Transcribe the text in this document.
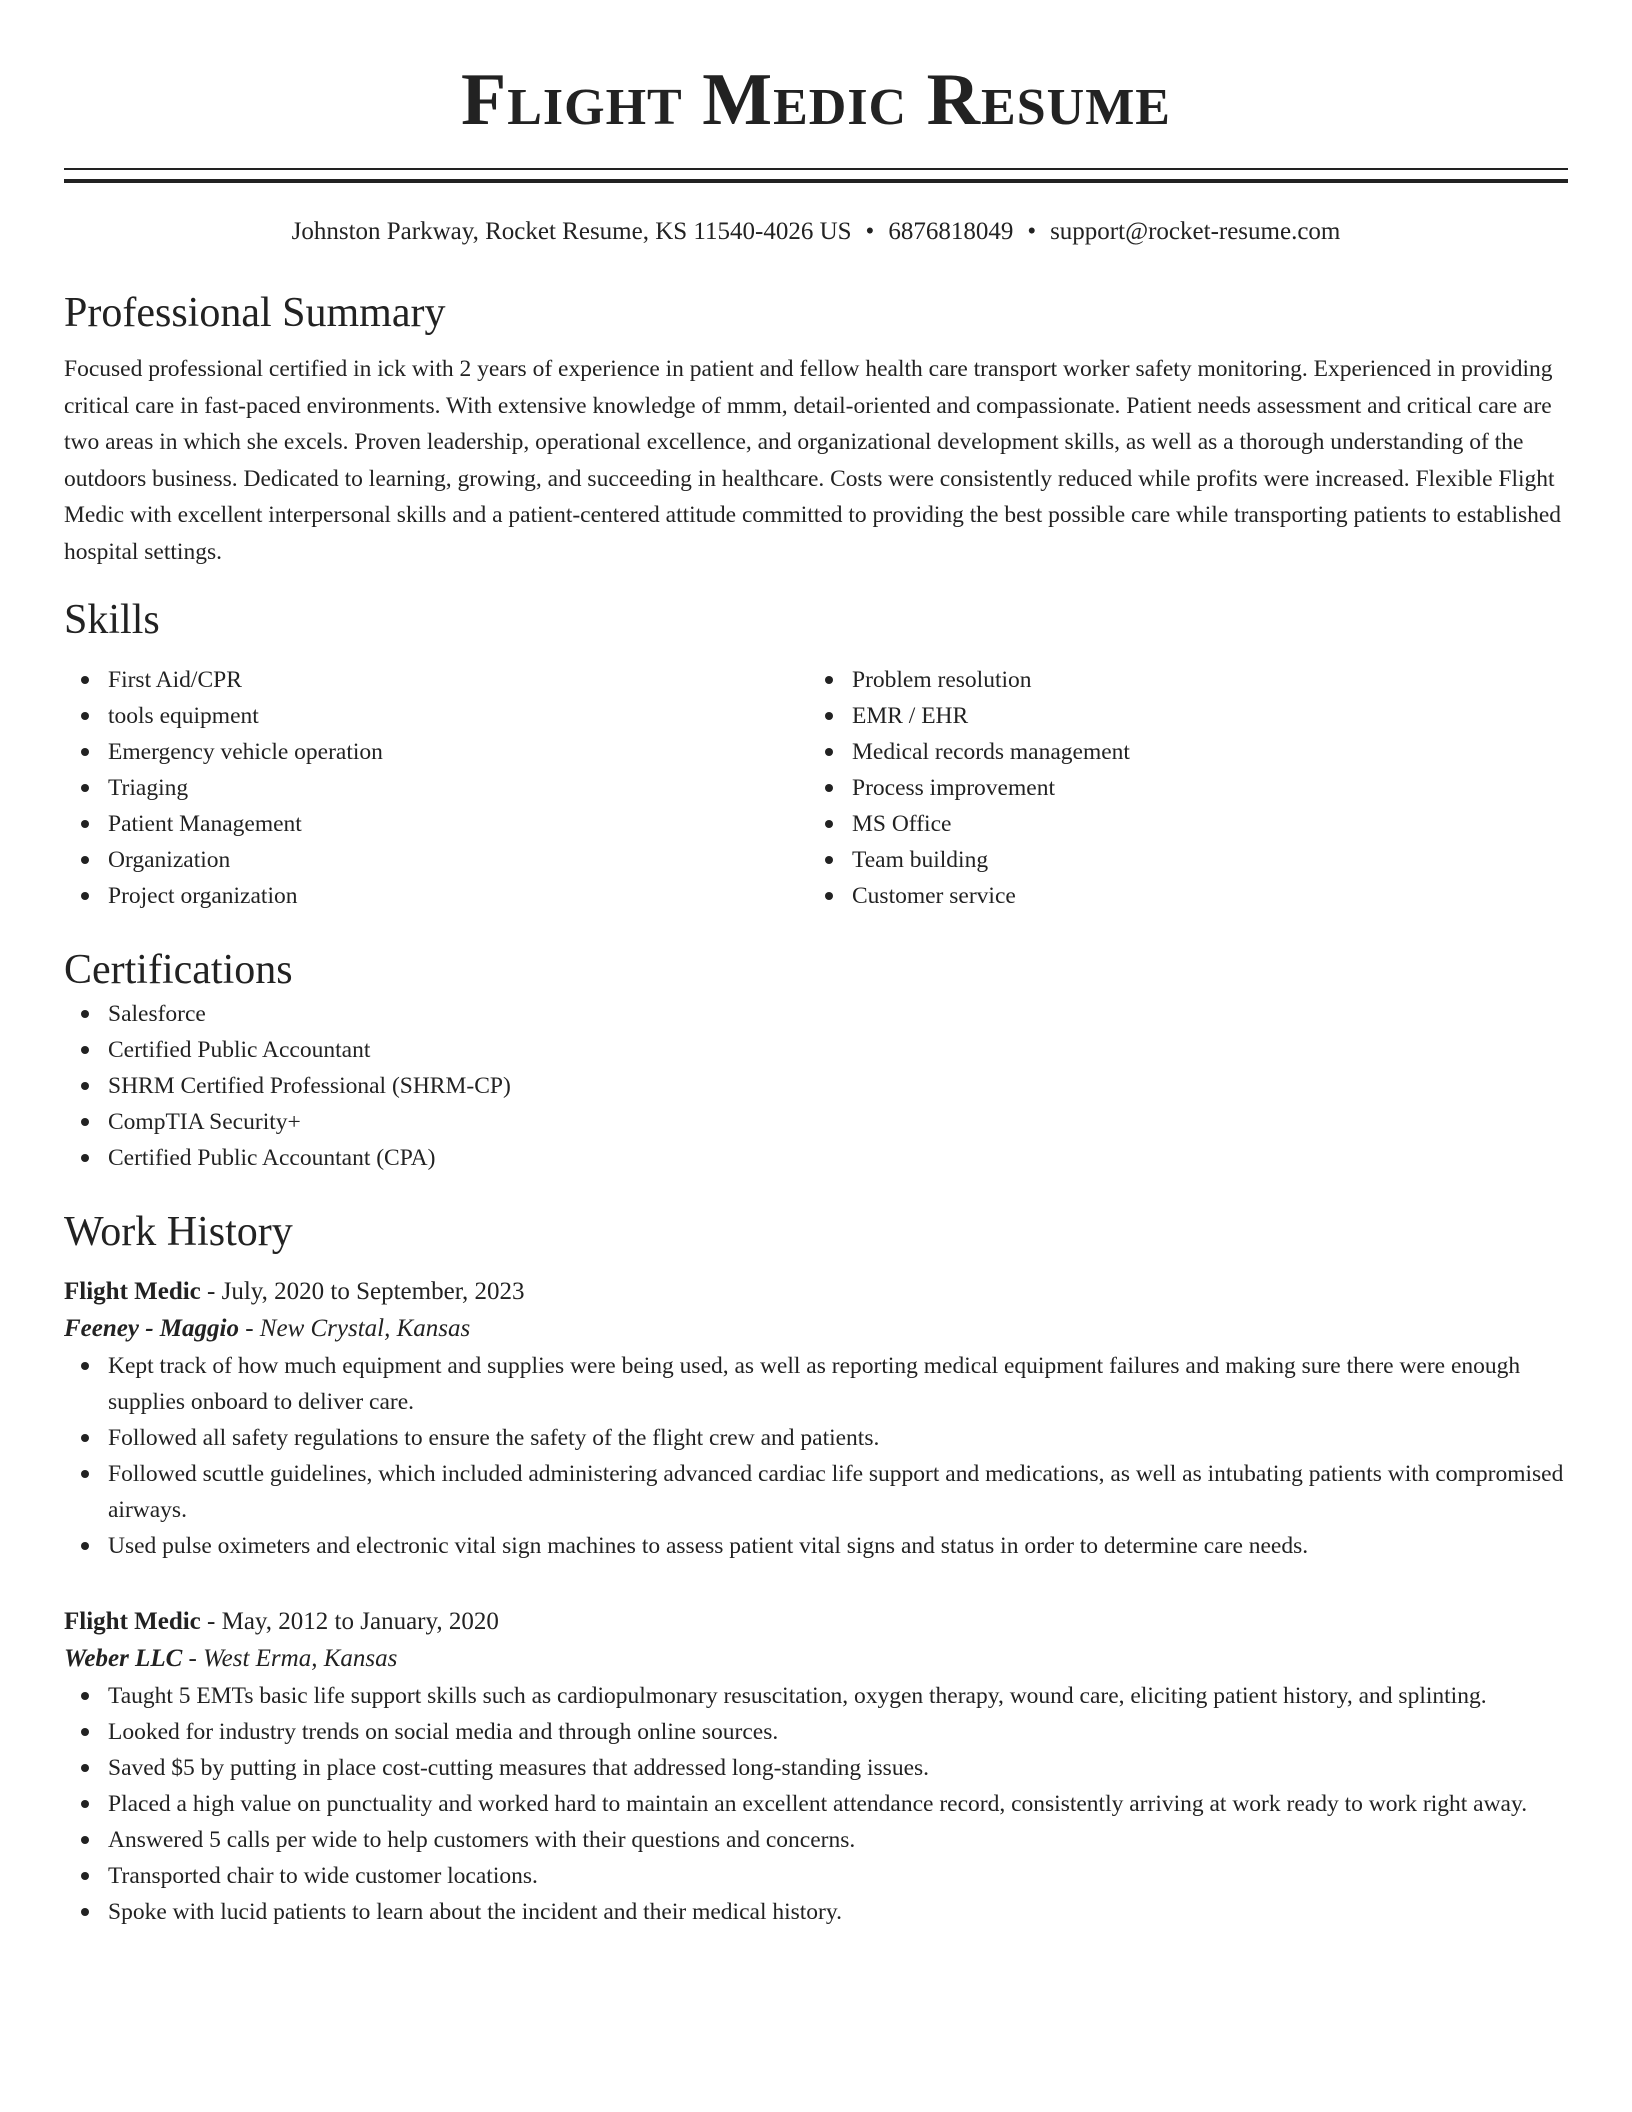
Flight Medic Resume
Johnston Parkway, Rocket Resume, KS 11540-4026 US • 6876818049 • support@rocket-resume.com
Professional Summary

Focused professional certified in ick with 2 years of experience in patient and fellow health care transport worker safety monitoring. Experienced in providing critical care in fast-paced environments. With extensive knowledge of mmm, detail-oriented and compassionate. Patient needs assessment and critical care are two areas in which she excels. Proven leadership, operational excellence, and organizational development skills, as well as a thorough understanding of the outdoors business. Dedicated to learning, growing, and succeeding in healthcare. Costs were consistently reduced while profits were increased. Flexible Flight Medic with excellent interpersonal skills and a patient-centered attitude committed to providing the best possible care while transporting patients to established hospital settings.

Skills
First Aid/CPR
tools equipment
Emergency vehicle operation
Triaging
Patient Management
Organization
Project organization
Problem resolution
EMR / EHR
Medical records management
Process improvement
MS Office
Team building
Customer service
Certifications
Salesforce
Certified Public Accountant
SHRM Certified Professional (SHRM-CP)
CompTIA Security+
Certified Public Accountant (CPA)
Work History
Flight Medic - July, 2020 to September, 2023
Feeney - Maggio - New Crystal, Kansas
Kept track of how much equipment and supplies were being used, as well as reporting medical equipment failures and making sure there were enough supplies onboard to deliver care.
Followed all safety regulations to ensure the safety of the flight crew and patients.
Followed scuttle guidelines, which included administering advanced cardiac life support and medications, as well as intubating patients with compromised airways.
Used pulse oximeters and electronic vital sign machines to assess patient vital signs and status in order to determine care needs.
Flight Medic - May, 2012 to January, 2020
Weber LLC - West Erma, Kansas
Taught 5 EMTs basic life support skills such as cardiopulmonary resuscitation, oxygen therapy, wound care, eliciting patient history, and splinting.
Looked for industry trends on social media and through online sources.
Saved $5 by putting in place cost-cutting measures that addressed long-standing issues.
Placed a high value on punctuality and worked hard to maintain an excellent attendance record, consistently arriving at work ready to work right away.
Answered 5 calls per wide to help customers with their questions and concerns.
Transported chair to wide customer locations.
Spoke with lucid patients to learn about the incident and their medical history.
